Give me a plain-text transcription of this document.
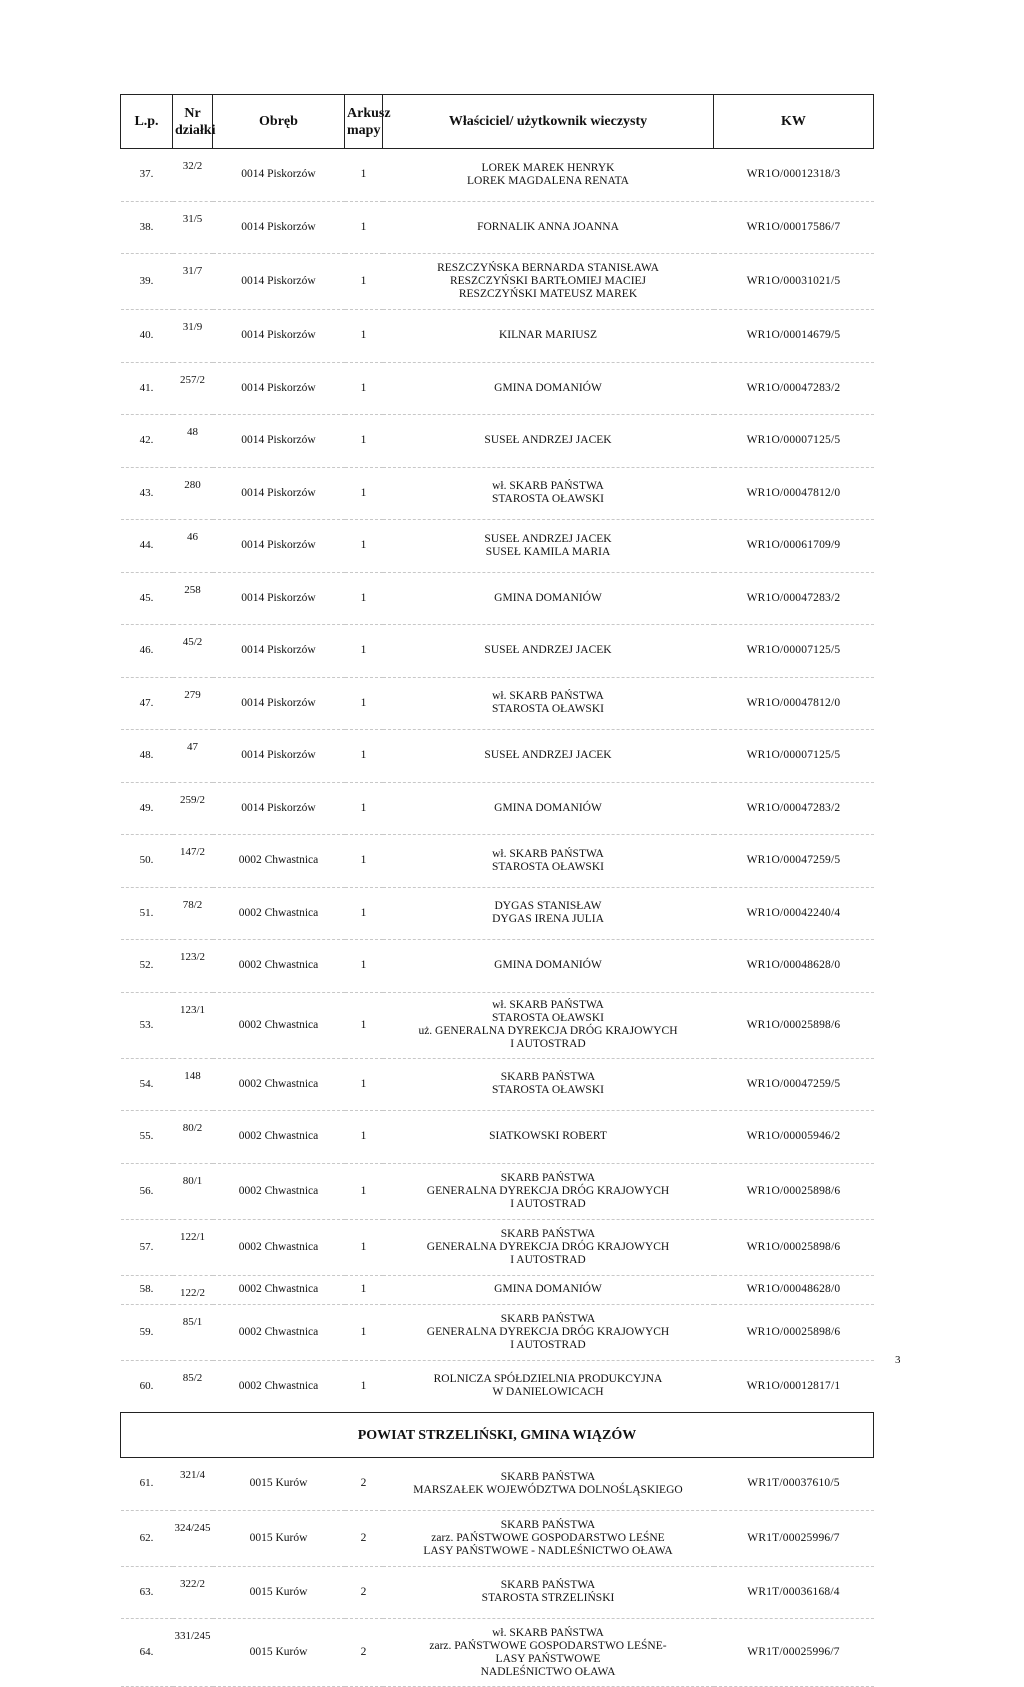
L.p.	Nr działki	Obręb	Arkusz mapy	Właściciel/ użytkownik wieczysty	KW
37.	32/2	0014 Piskorzów	1	LOREK MAREK HENRYK
LOREK MAGDALENA RENATA	WR1O/00012318/3
38.	31/5	0014 Piskorzów	1	FORNALIK ANNA JOANNA	WR1O/00017586/7
39.	31/7	0014 Piskorzów	1	RESZCZYŃSKA BERNARDA STANISŁAWA
RESZCZYŃSKI BARTŁOMIEJ MACIEJ
RESZCZYŃSKI MATEUSZ MAREK	WR1O/00031021/5
40.	31/9	0014 Piskorzów	1	KILNAR MARIUSZ	WR1O/00014679/5
41.	257/2	0014 Piskorzów	1	GMINA DOMANIÓW	WR1O/00047283/2
42.	48	0014 Piskorzów	1	SUSEŁ ANDRZEJ JACEK	WR1O/00007125/5
43.	280	0014 Piskorzów	1	wł. SKARB PAŃSTWA
STAROSTA OŁAWSKI	WR1O/00047812/0
44.	46	0014 Piskorzów	1	SUSEŁ ANDRZEJ JACEK
SUSEŁ KAMILA MARIA	WR1O/00061709/9
45.	258	0014 Piskorzów	1	GMINA DOMANIÓW	WR1O/00047283/2
46.	45/2	0014 Piskorzów	1	SUSEŁ ANDRZEJ JACEK	WR1O/00007125/5
47.	279	0014 Piskorzów	1	wł. SKARB PAŃSTWA
STAROSTA OŁAWSKI	WR1O/00047812/0
48.	47	0014 Piskorzów	1	SUSEŁ ANDRZEJ JACEK	WR1O/00007125/5
49.	259/2	0014 Piskorzów	1	GMINA DOMANIÓW	WR1O/00047283/2
50.	147/2	0002 Chwastnica	1	wł. SKARB PAŃSTWA
STAROSTA OŁAWSKI	WR1O/00047259/5
51.	78/2	0002 Chwastnica	1	DYGAS STANISŁAW
DYGAS IRENA JULIA	WR1O/00042240/4
52.	123/2	0002 Chwastnica	1	GMINA DOMANIÓW	WR1O/00048628/0
53.	123/1	0002 Chwastnica	1	wł. SKARB PAŃSTWA
STAROSTA OŁAWSKI
uż. GENERALNA DYREKCJA DRÓG KRAJOWYCH
I AUTOSTRAD	WR1O/00025898/6
54.	148	0002 Chwastnica	1	SKARB PAŃSTWA
STAROSTA OŁAWSKI	WR1O/00047259/5
55.	80/2	0002 Chwastnica	1	SIATKOWSKI ROBERT	WR1O/00005946/2
56.	80/1	0002 Chwastnica	1	SKARB PAŃSTWA
GENERALNA DYREKCJA DRÓG KRAJOWYCH
I AUTOSTRAD	WR1O/00025898/6
57.	122/1	0002 Chwastnica	1	SKARB PAŃSTWA
GENERALNA DYREKCJA DRÓG KRAJOWYCH
I AUTOSTRAD	WR1O/00025898/6
58.	122/2	0002 Chwastnica	1	GMINA DOMANIÓW	WR1O/00048628/0
59.	85/1	0002 Chwastnica	1	SKARB PAŃSTWA
GENERALNA DYREKCJA DRÓG KRAJOWYCH
I AUTOSTRAD	WR1O/00025898/6
60.	85/2	0002 Chwastnica	1	ROLNICZA SPÓŁDZIELNIA PRODUKCYJNA
W DANIELOWICACH	WR1O/00012817/1
POWIAT STRZELIŃSKI, GMINA WIĄZÓW					
61.	321/4	0015 Kurów	2	SKARB PAŃSTWA
MARSZAŁEK WOJEWÓDZTWA DOLNOŚLĄSKIEGO	WR1T/00037610/5
62.	324/245	0015 Kurów	2	SKARB PAŃSTWA
zarz. PAŃSTWOWE GOSPODARSTWO LEŚNE
LASY PAŃSTWOWE - NADLEŚNICTWO OŁAWA	WR1T/00025996/7
63.	322/2	0015 Kurów	2	SKARB PAŃSTWA
STAROSTA STRZELIŃSKI	WR1T/00036168/4
64.	331/245	0015 Kurów	2	wł. SKARB PAŃSTWA
zarz. PAŃSTWOWE GOSPODARSTWO LEŚNE-
LASY PAŃSTWOWE
NADLEŚNICTWO OŁAWA	WR1T/00025996/7
3
